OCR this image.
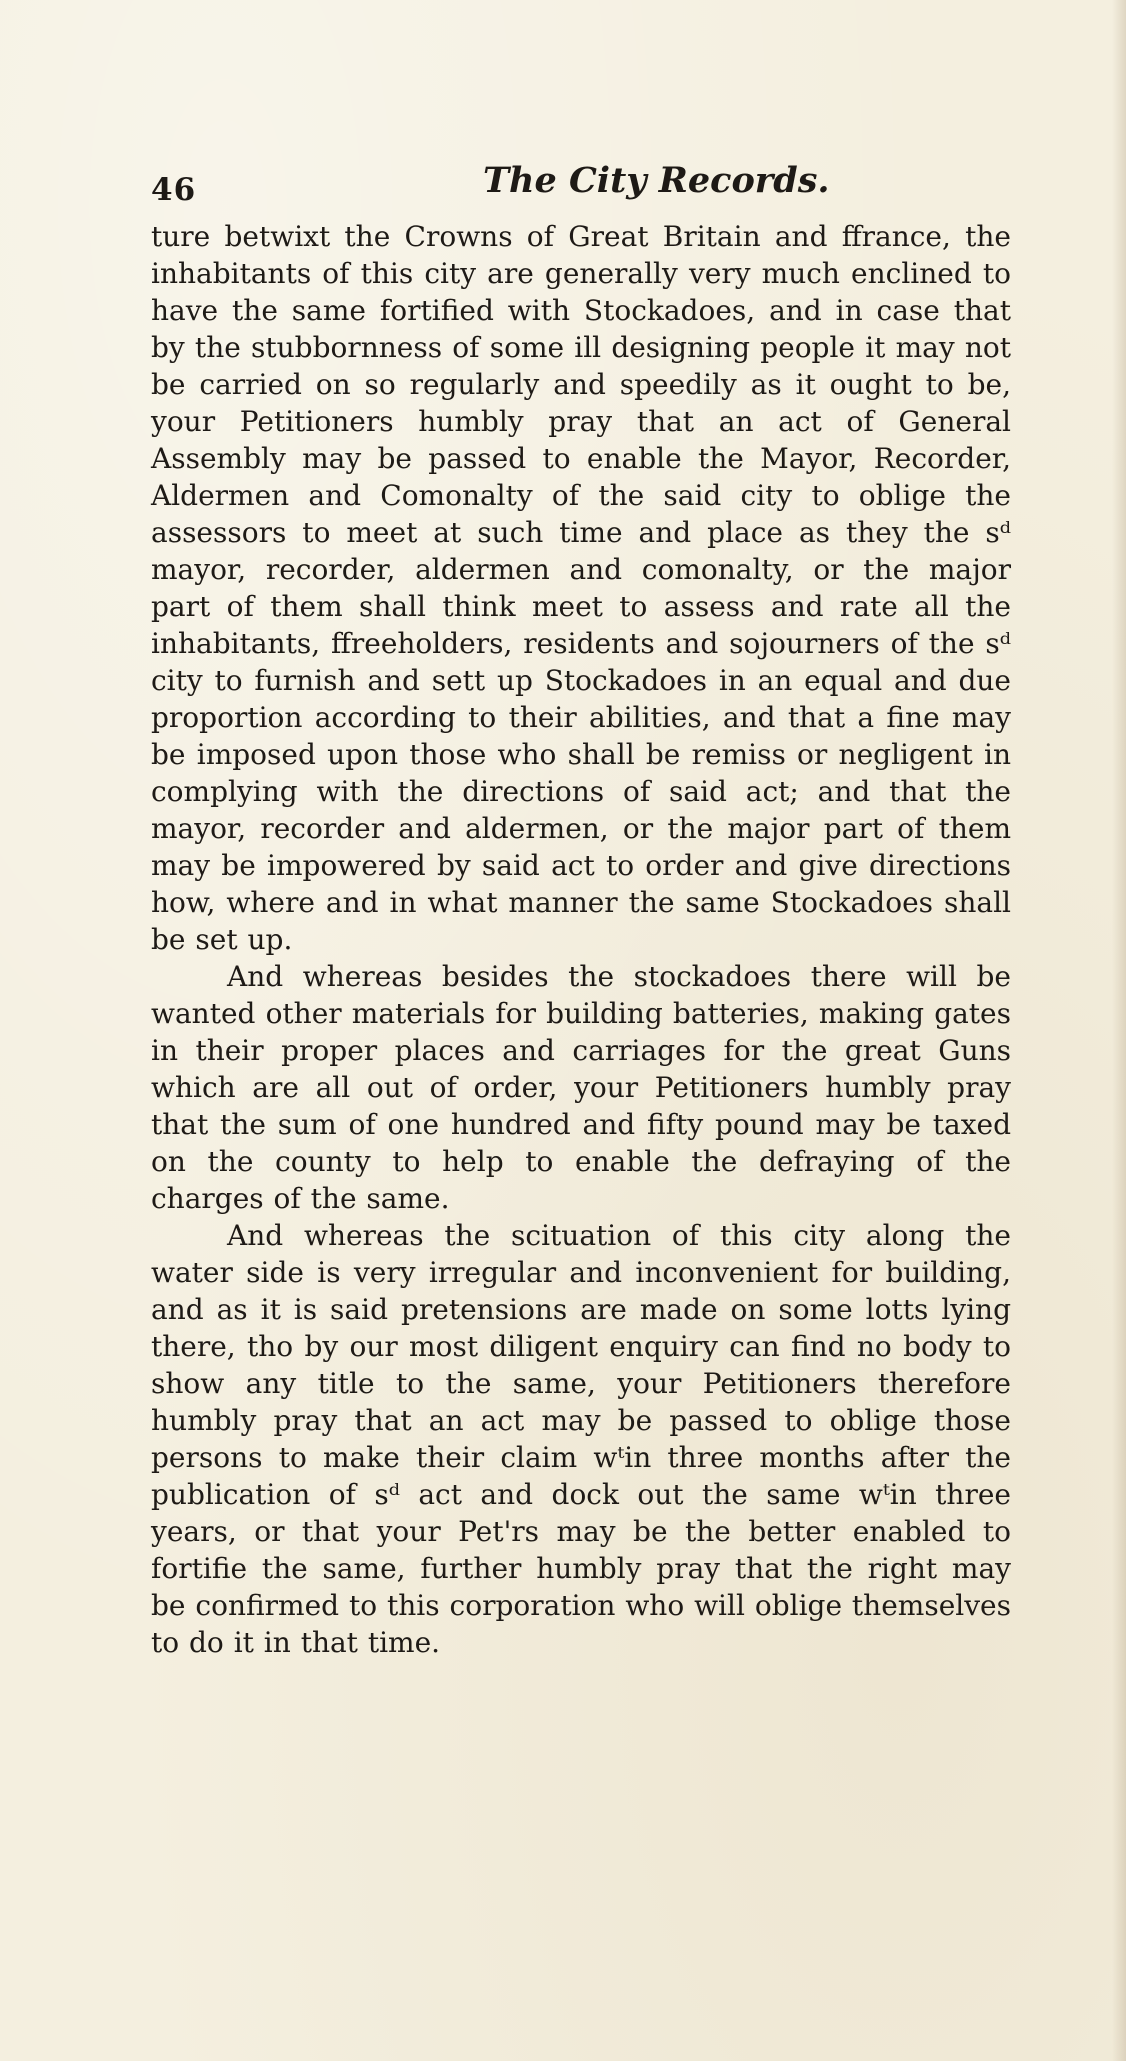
46	The City Records.

ture betwixt the Crowns of Great Britain and ffrance, the inhabitants of this city are generally very much enclined to have the same fortified with Stockadoes, and in case that by the stubbornness of some ill designing people it may not be carried on so regularly and speedily as it ought to be, your Petitioners humbly pray that an act of General Assembly may be passed to enable the Mayor, Recorder, Aldermen and Comonalty of the said city to oblige the assessors to meet at such time and place as they the sᵈ mayor, recorder, aldermen and comonalty, or the major part of them shall think meet to assess and rate all the inhabitants, ffreeholders, residents and sojourners of the sᵈ city to furnish and sett up Stockadoes in an equal and due proportion according to their abilities, and that a fine may be imposed upon those who shall be remiss or negligent in complying with the directions of said act; and that the mayor, recorder and aldermen, or the major part of them may be impowered by said act to order and give directions how, where and in what manner the same Stockadoes shall be set up.

And whereas besides the stockadoes there will be wanted other materials for building batteries, making gates in their proper places and carriages for the great Guns which are all out of order, your Petitioners humbly pray that the sum of one hundred and fifty pound may be taxed on the county to help to enable the defraying of the charges of the same.

And whereas the scituation of this city along the water side is very irregular and inconvenient for building, and as it is said pretensions are made on some lotts lying there, tho by our most diligent enquiry can find no body to show any title to the same, your Petitioners therefore humbly pray that an act may be passed to oblige those persons to make their claim wᵗin three months after the publication of sᵈ act and dock out the same wᵗin three years, or that your Pet'rs may be the better enabled to fortifie the same, further humbly pray that the right may be confirmed to this corporation who will oblige themselves to do it in that time.
